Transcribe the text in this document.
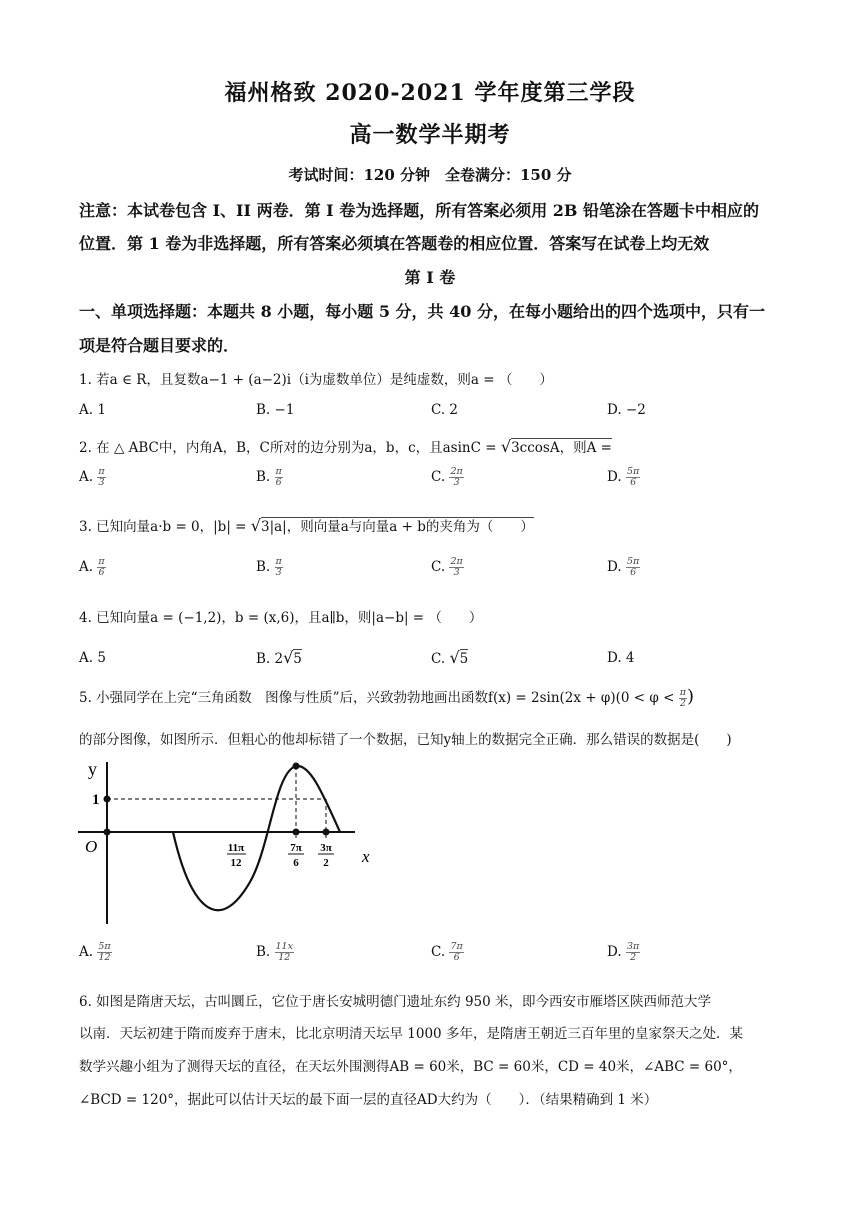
福州格致 2020-2021 学年度第三学段
高一数学半期考
考试时间：120 分钟　全卷满分：150 分
注意：本试卷包含 I、II 两卷．第 I 卷为选择题，所有答案必须用 2B 铅笔涂在答题卡中相应的
位置．第 1 卷为非选择题，所有答案必须填在答题卷的相应位置．答案写在试卷上均无效
第 I 卷
一、单项选择题：本题共 8 小题，每小题 5 分，共 40 分，在每小题给出的四个选项中，只有一
项是符合题目要求的．
1. 若a ∈ R，且复数a−1 + (a−2)i（i为虚数单位）是纯虚数，则a = （　　）
A. 1	B. −1	C. 2	D. −2
2. 在 △ ABC中，内角A，B，C所对的边分别为a，b，c，且asinC = √3ccosA，则A =
A. $\frac{\pi}{3}$	B. $\frac{\pi}{6}$	C. $\frac{2\pi}{3}$	D. $\frac{5\pi}{6}$
3. 已知向量a·b = 0，|b| = √3|a|，则向量a与向量a + b的夹角为（　　）
A. $\frac{\pi}{6}$	B. $\frac{\pi}{3}$	C. $\frac{2\pi}{3}$	D. $\frac{5\pi}{6}$
4. 已知向量a = (−1,2)，b = (x,6)，且a∥b，则|a−b| = （　　）
A. 5	B. 2√5	C. √5	D. 4
5. 小强同学在上完“三角函数　图像与性质”后，兴致勃勃地画出函数$f(x) = 2\sin(2x + \varphi)(0 < \varphi < \frac{\pi}{2}$ )
的部分图像，如图所示．但粗心的他却标错了一个数据，已知y轴上的数据完全正确．那么错误的数据是(　　)
y
x
O
1
11π
12
7π
6
3π
2
A. $\frac{5\pi}{12}$	B. $\frac{11x}{12}$	C. $\frac{7\pi}{6}$	D. $\frac{3\pi}{2}$
6. 如图是隋唐天坛，古叫圜丘，它位于唐长安城明德门遗址东约 950 米，即今西安市雁塔区陕西师范大学
以南．天坛初建于隋而废弃于唐末，比北京明清天坛早 1000 多年，是隋唐王朝近三百年里的皇家祭天之处．某
数学兴趣小组为了测得天坛的直径，在天坛外围测得AB = 60米，BC = 60米，CD = 40米，∠ABC = 60°，
∠BCD = 120°，据此可以估计天坛的最下面一层的直径AD大约为（　　）．（结果精确到 1 米）
